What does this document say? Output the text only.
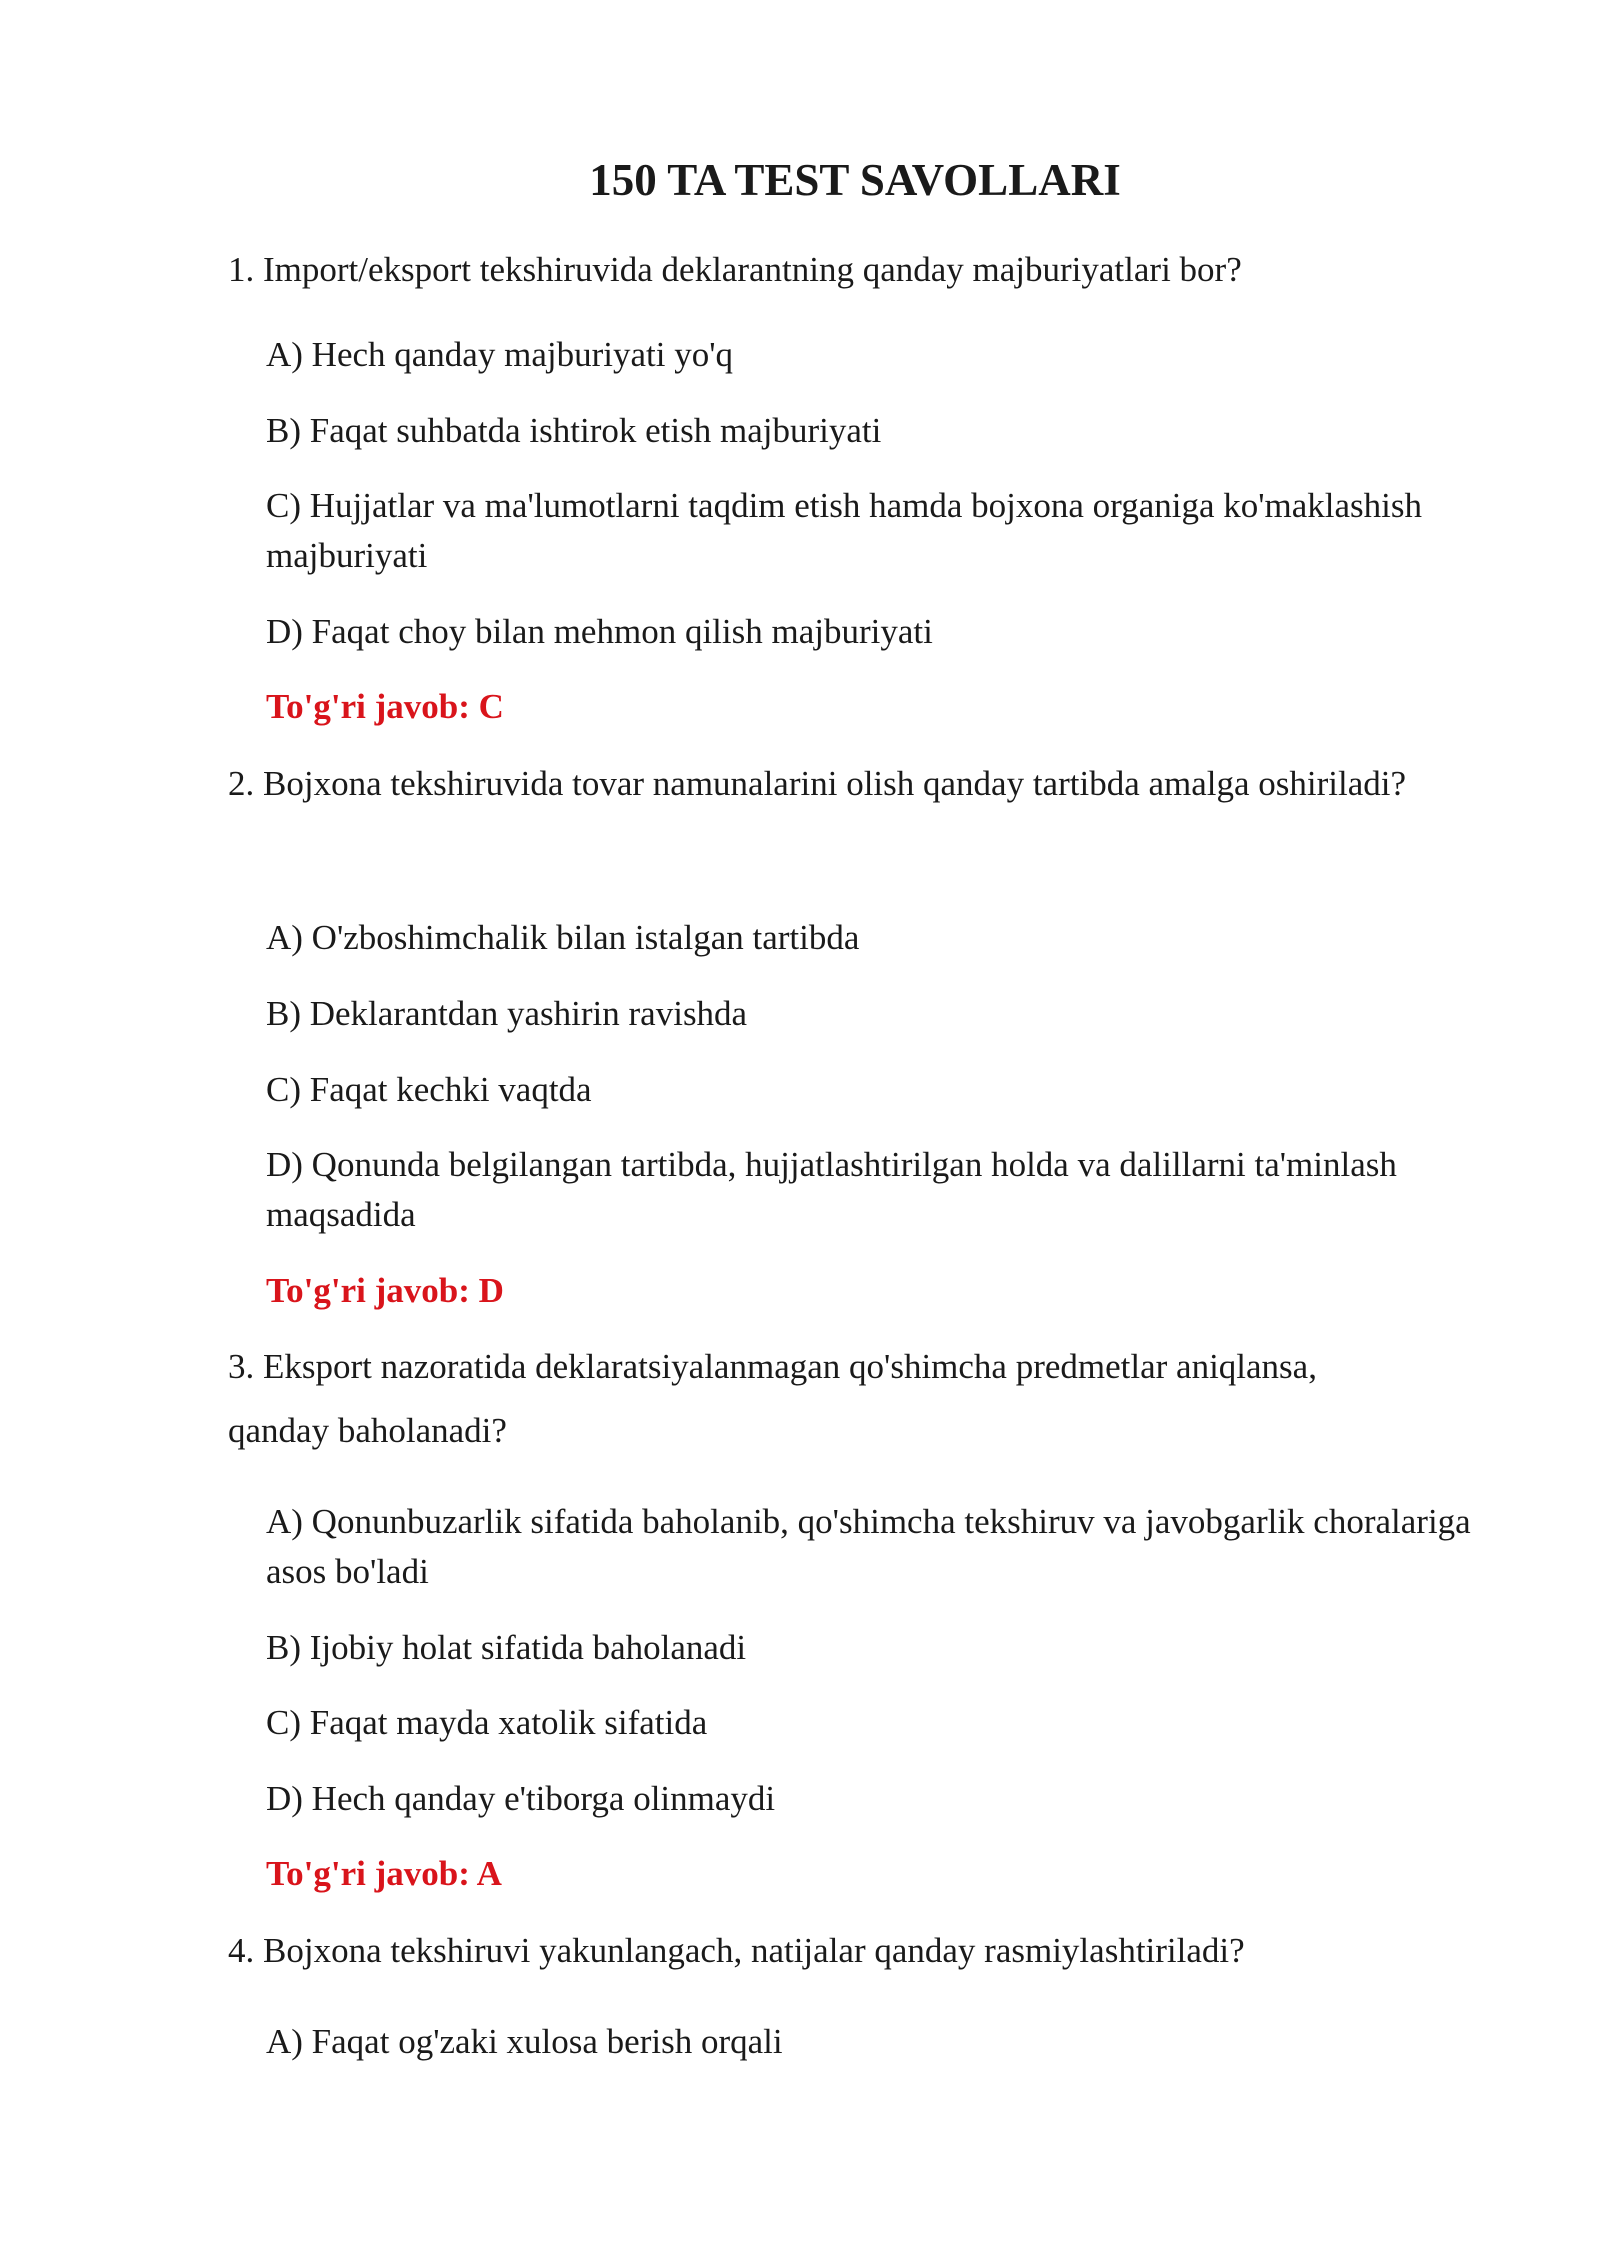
150 TA TEST SAVOLLARI

1. Import/eksport tekshiruvida deklarantning qanday majburiyatlari bor?

A) Hech qanday majburiyati yo'q

B) Faqat suhbatda ishtirok etish majburiyati

C) Hujjatlar va ma'lumotlarni taqdim etish hamda bojxona organiga ko'maklashish majburiyati

D) Faqat choy bilan mehmon qilish majburiyati

To'g'ri javob: C

2. Bojxona tekshiruvida tovar namunalarini olish qanday tartibda amalga oshiriladi?

A) O'zboshimchalik bilan istalgan tartibda

B) Deklarantdan yashirin ravishda

C) Faqat kechki vaqtda

D) Qonunda belgilangan tartibda, hujjatlashtirilgan holda va dalillarni ta'minlash maqsadida

To'g'ri javob: D

3. Eksport nazoratida deklaratsiyalanmagan qo'shimcha predmetlar aniqlansa, qanday baholanadi?

A) Qonunbuzarlik sifatida baholanib, qo'shimcha tekshiruv va javobgarlik choralariga asos bo'ladi

B) Ijobiy holat sifatida baholanadi

C) Faqat mayda xatolik sifatida

D) Hech qanday e'tiborga olinmaydi

To'g'ri javob: A

4. Bojxona tekshiruvi yakunlangach, natijalar qanday rasmiylashtiriladi?

A) Faqat og'zaki xulosa berish orqali
